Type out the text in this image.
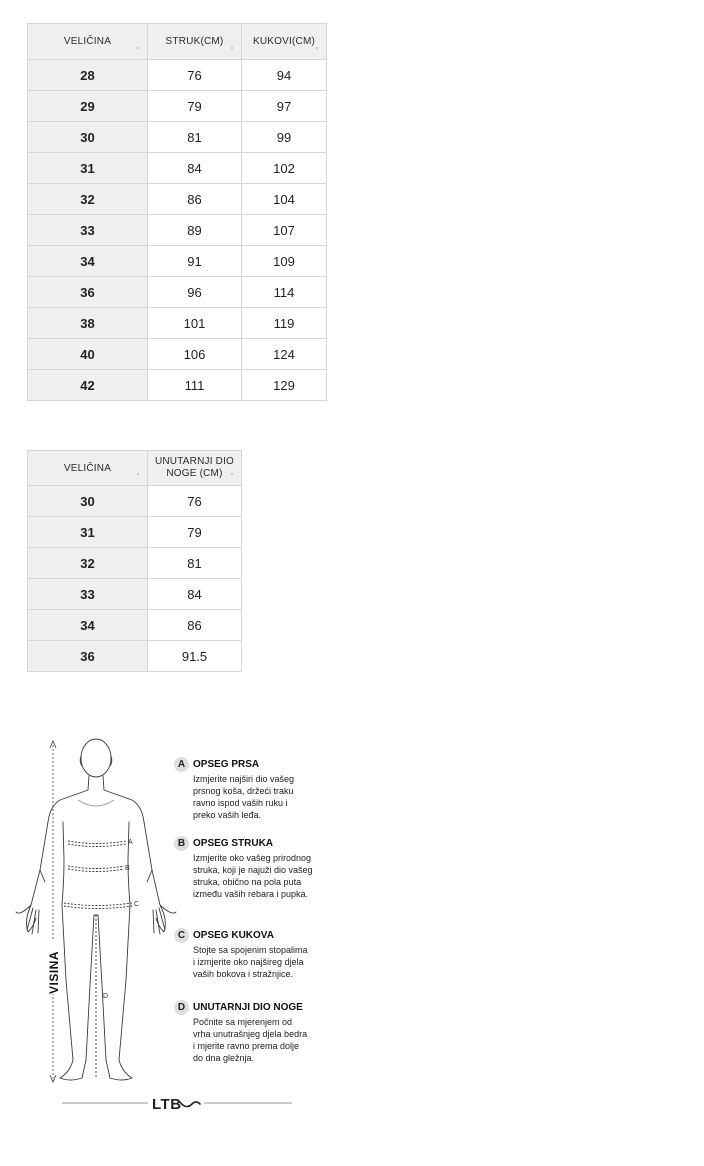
VELIČINA	STRUK(CM)	KUKOVI(CM)

28	76	94
29	79	97
30	81	99
31	84	102
32	86	104
33	89	107
34	91	109
36	96	114
38	101	119
40	106	124
42	111	129
VELIČINA	UNUTARNJI DIO NOGE (CM)

30	76
31	79
32	81
33	84
34	86
36	91.5
VISINA
A
B
C
D
LTB
A OPSEG PRSA
Izmjerite najširi dio vašeg
prsnog koša, držeći traku
ravno ispod vaših ruku i
preko vaših leđa.
B OPSEG STRUKA
Izmjerite oko vašeg prirodnog
struka, koji je najuži dio vašeg
struka, obično na pola puta
između vaših rebara i pupka.
C OPSEG KUKOVA
Stojte sa spojenim stopalima
i izmjerite oko najšireg djela
vaših bokova i stražnjice.
D UNUTARNJI DIO NOGE
Počnite sa mjerenjem od
vrha unutrašnjeg djela bedra
i mjerite ravno prema dolje
do dna gležnja.
